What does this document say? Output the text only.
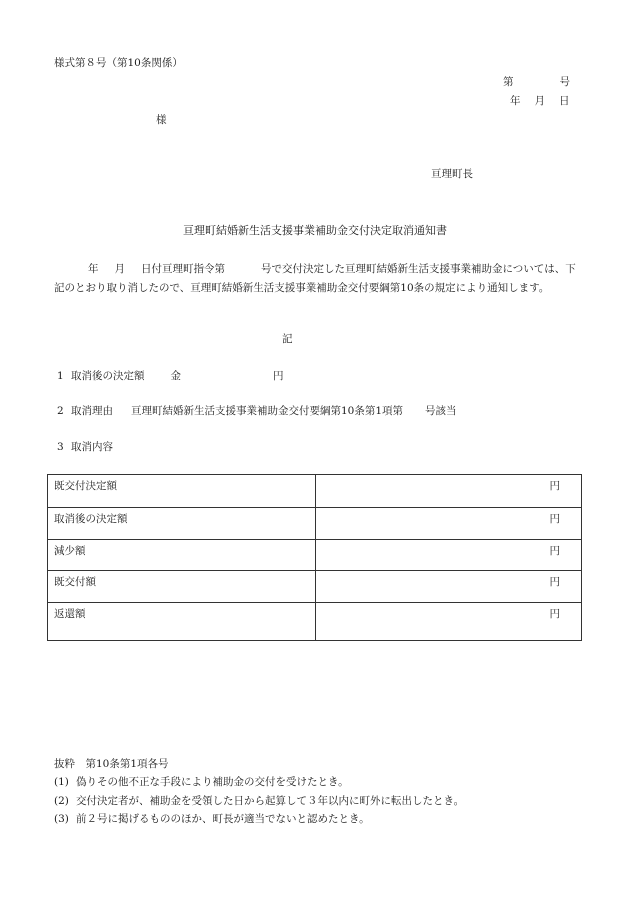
様式第８号（第10条関係）
第	号
年 月 日
様
亘理町長
亘理町結婚新生活支援事業補助金交付決定取消通知書
年 月 日付亘理町指令第	号で交付決定した亘理町結婚新生活支援事業補助金については、下記のとおり取り消したので、亘理町結婚新生活支援事業補助金交付要綱第10条の規定により通知します。
記
1 取消後の決定額 金	円
2 取消理由 亘理町結婚新生活支援事業補助金交付要綱第10条第1項第 号該当
3 取消内容
既交付決定額	円
取消後の決定額	円
減少額	円
既交付額	円
返還額	円
抜粋　第10条第1項各号
(1) 偽りその他不正な手段により補助金の交付を受けたとき。
(2) 交付決定者が、補助金を受領した日から起算して３年以内に町外に転出したとき。
(3) 前２号に掲げるもののほか、町長が適当でないと認めたとき。
